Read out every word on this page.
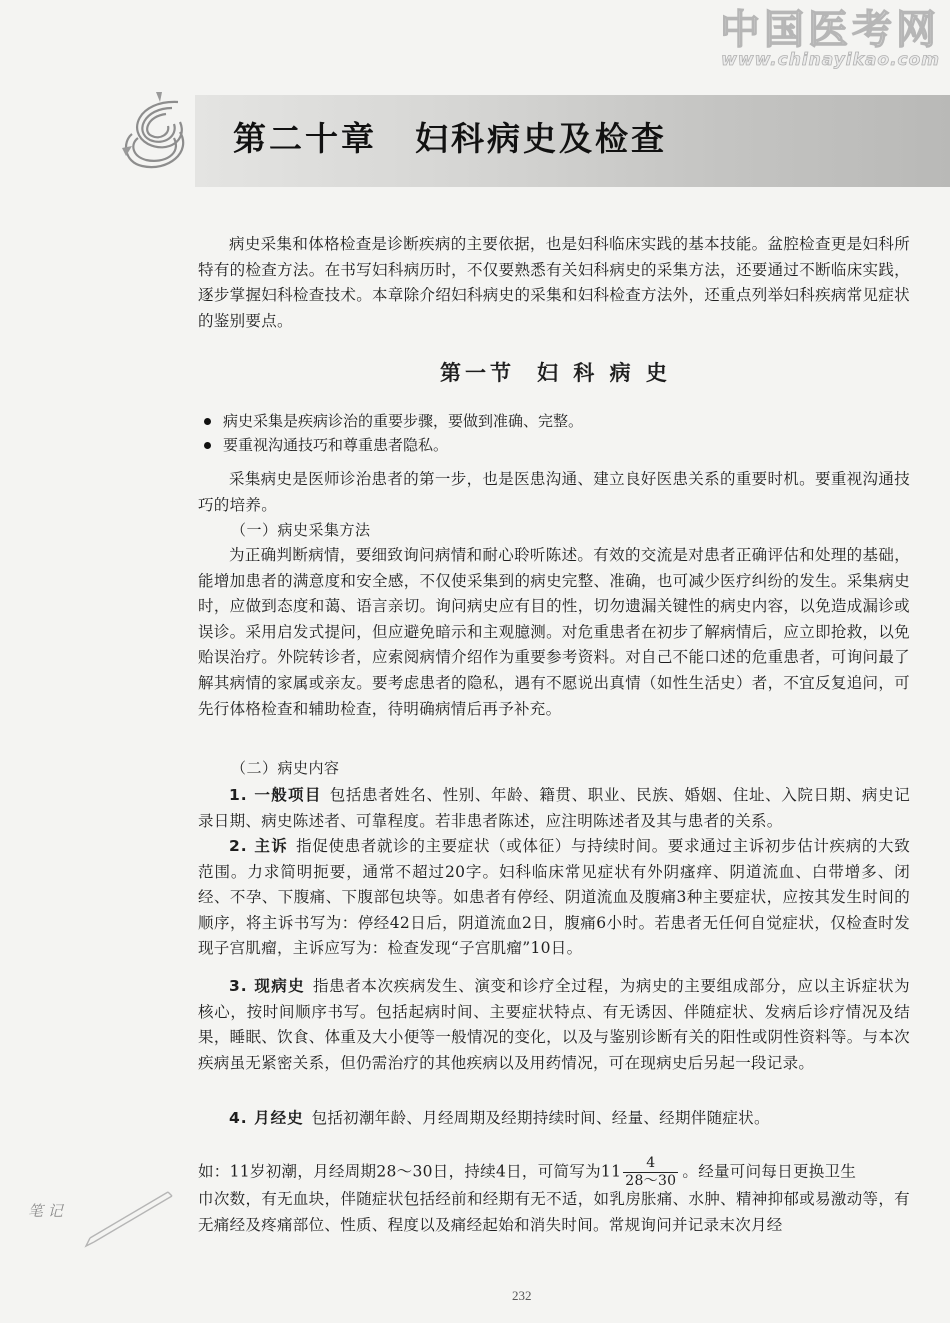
中国医考网
www.chinayikao.com
第二十章 妇科病史及检查

病史采集和体格检查是诊断疾病的主要依据，也是妇科临床实践的基本技能。盆腔检查更是妇科所特有的检查方法。在书写妇科病历时，不仅要熟悉有关妇科病史的采集方法，还要通过不断临床实践，逐步掌握妇科检查技术。本章除介绍妇科病史的采集和妇科检查方法外，还重点列举妇科疾病常见症状的鉴别要点。

第一节 妇 科 病 史
病史采集是疾病诊治的重要步骤，要做到准确、完整。
要重视沟通技巧和尊重患者隐私。

采集病史是医师诊治患者的第一步，也是医患沟通、建立良好医患关系的重要时机。要重视沟通技巧的培养。

（一）病史采集方法

为正确判断病情，要细致询问病情和耐心聆听陈述。有效的交流是对患者正确评估和处理的基础，能增加患者的满意度和安全感，不仅使采集到的病史完整、准确，也可减少医疗纠纷的发生。采集病史时，应做到态度和蔼、语言亲切。询问病史应有目的性，切勿遗漏关键性的病史内容，以免造成漏诊或误诊。采用启发式提问，但应避免暗示和主观臆测。对危重患者在初步了解病情后，应立即抢救，以免贻误治疗。外院转诊者，应索阅病情介绍作为重要参考资料。对自己不能口述的危重患者，可询问最了解其病情的家属或亲友。要考虑患者的隐私，遇有不愿说出真情（如性生活史）者，不宜反复追问，可先行体格检查和辅助检查，待明确病情后再予补充。

（二）病史内容

1. 一般项目 包括患者姓名、性别、年龄、籍贯、职业、民族、婚姻、住址、入院日期、病史记录日期、病史陈述者、可靠程度。若非患者陈述，应注明陈述者及其与患者的关系。

2. 主诉 指促使患者就诊的主要症状（或体征）与持续时间。要求通过主诉初步估计疾病的大致范围。力求简明扼要，通常不超过20字。妇科临床常见症状有外阴瘙痒、阴道流血、白带增多、闭经、不孕、下腹痛、下腹部包块等。如患者有停经、阴道流血及腹痛3种主要症状，应按其发生时间的顺序，将主诉书写为：停经42日后，阴道流血2日，腹痛6小时。若患者无任何自觉症状，仅检查时发现子宫肌瘤，主诉应写为：检查发现“子宫肌瘤”10日。

3. 现病史 指患者本次疾病发生、演变和诊疗全过程，为病史的主要组成部分，应以主诉症状为核心，按时间顺序书写。包括起病时间、主要症状特点、有无诱因、伴随症状、发病后诊疗情况及结果，睡眠、饮食、体重及大小便等一般情况的变化，以及与鉴别诊断有关的阳性或阴性资料等。与本次疾病虽无紧密关系，但仍需治疗的其他疾病以及用药情况，可在现病史后另起一段记录。

4. 月经史 包括初潮年龄、月经周期及经期持续时间、经量、经期伴随症状。

如：11岁初潮，月经周期28～30日，持续4日，可简写为$11 \frac{4}{28\sim 30}$ 。经量可问每日更换卫生

巾次数，有无血块，伴随症状包括经前和经期有无不适，如乳房胀痛、水肿、精神抑郁或易激动等，有无痛经及疼痛部位、性质、程度以及痛经起始和消失时间。常规询问并记录末次月经

笔 记
232
